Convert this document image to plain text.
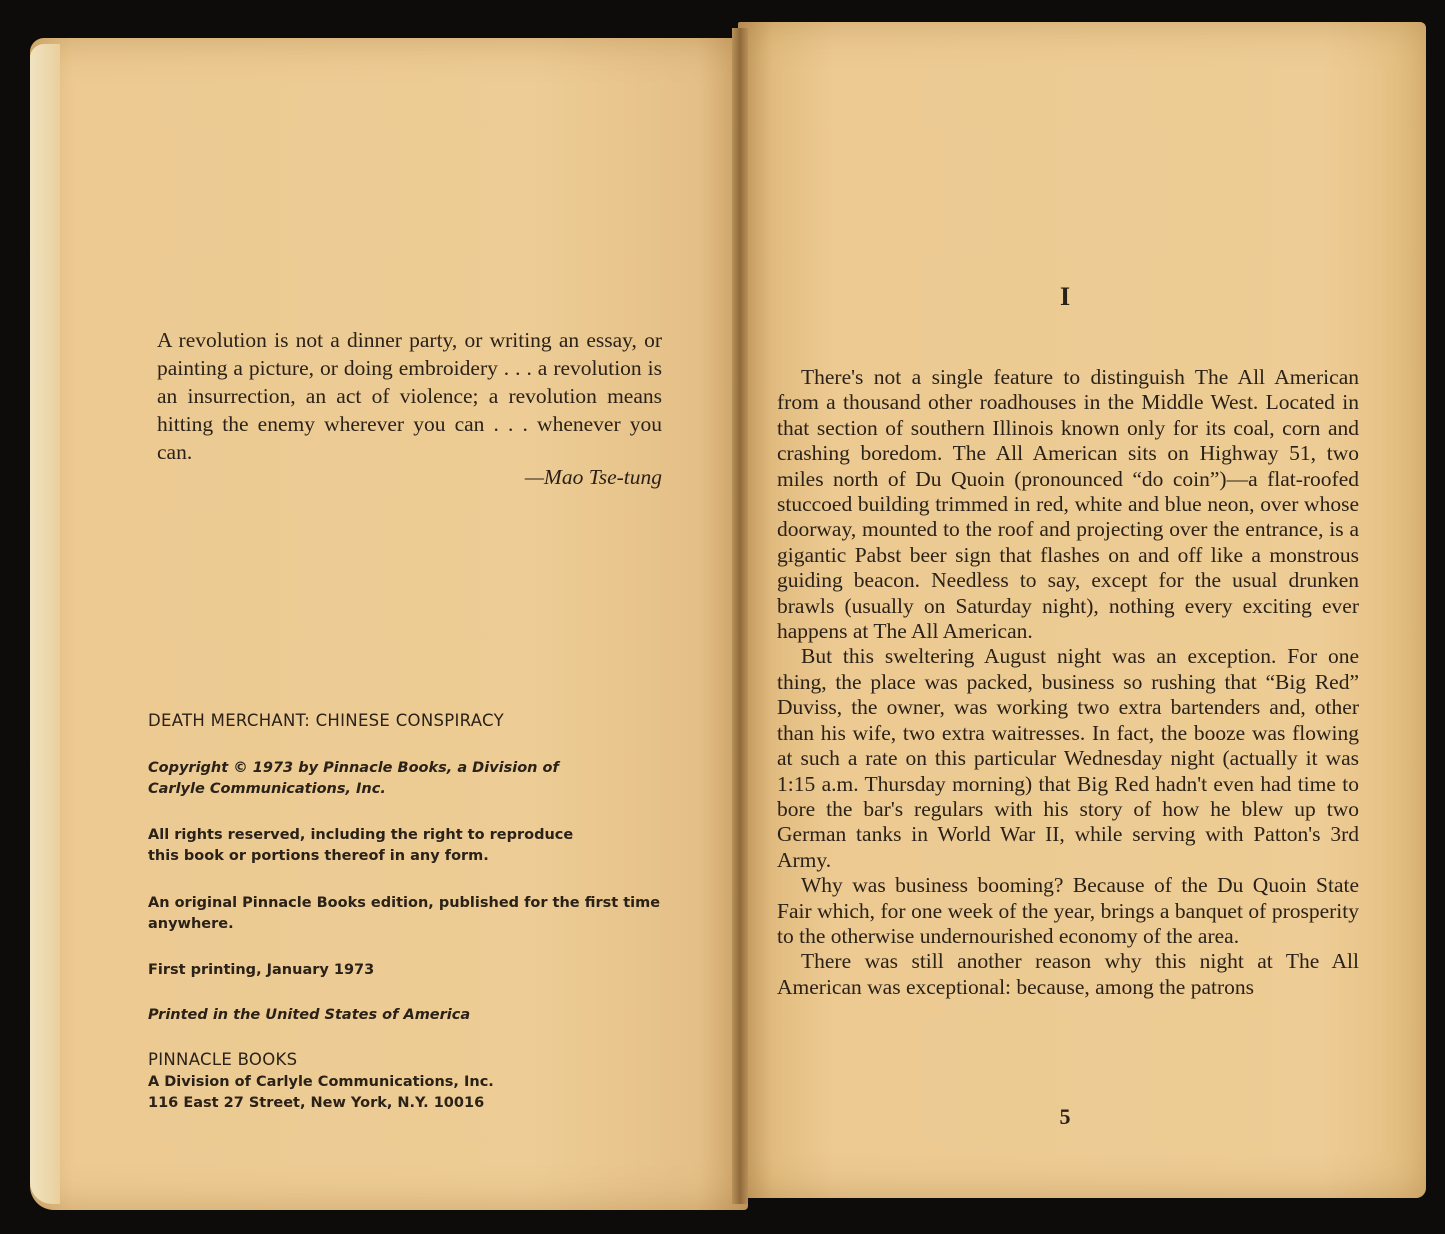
A revolution is not a dinner party, or writing an essay, or painting a picture, or doing embroidery . . . a revolution is an insurrection, an act of violence; a revolution means hitting the enemy wherever you can . . . whenever you can.
—Mao Tse-tung
DEATH MERCHANT: CHINESE CONSPIRACY
Copyright © 1973 by Pinnacle Books, a Division of
Carlyle Communications, Inc.
All rights reserved, including the right to reproduce
this book or portions thereof in any form.
An original Pinnacle Books edition, published for the first time
anywhere.
First printing, January 1973
Printed in the United States of America
PINNACLE BOOKS
A Division of Carlyle Communications, Inc.
116 East 27 Street, New York, N.Y. 10016
I

There's not a single feature to distinguish The All American from a thousand other roadhouses in the Middle West. Located in that section of southern Illinois known only for its coal, corn and crashing boredom. The All American sits on Highway 51, two miles north of Du Quoin (pronounced “do coin”)—a flat-roofed stuccoed building trimmed in red, white and blue neon, over whose doorway, mounted to the roof and projecting over the entrance, is a gigantic Pabst beer sign that flashes on and off like a monstrous guiding beacon. Needless to say, except for the usual drunken brawls (usually on Saturday night), nothing every exciting ever happens at The All American.

But this sweltering August night was an exception. For one thing, the place was packed, business so rushing that “Big Red” Duviss, the owner, was working two extra bartenders and, other than his wife, two extra waitresses. In fact, the booze was flowing at such a rate on this particular Wednesday night (actually it was 1:15 a.m. Thursday morning) that Big Red hadn't even had time to bore the bar's regulars with his story of how he blew up two German tanks in World War II, while serving with Patton's 3rd Army.

Why was business booming? Because of the Du Quoin State Fair which, for one week of the year, brings a banquet of prosperity to the otherwise undernourished economy of the area.

There was still another reason why this night at The All American was exceptional: because, among the patrons

5
